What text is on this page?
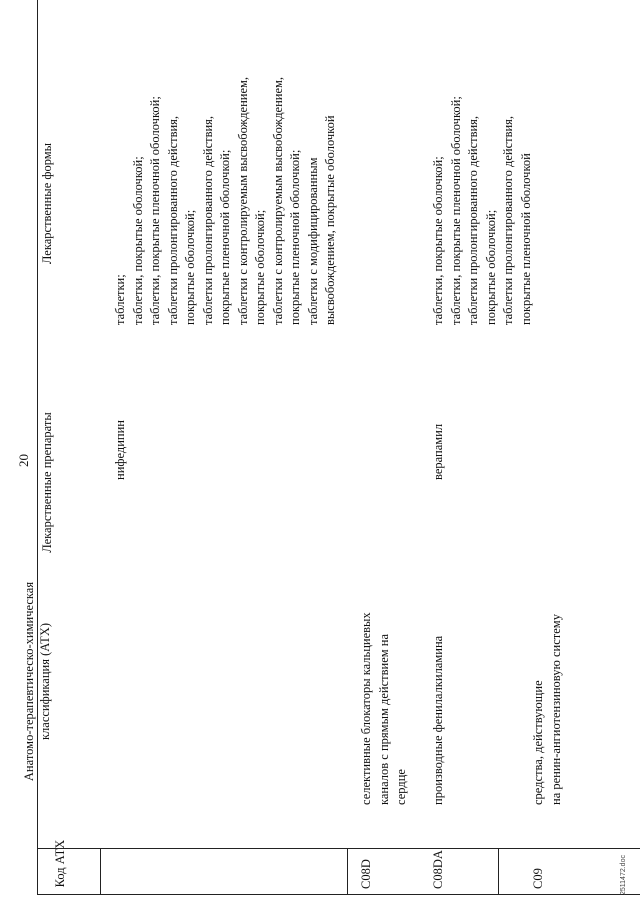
20
Код АТХ
Анатомо-терапевтическо-химическая классификация (АТХ)
Лекарственные препараты
Лекарственные формы
нифедипин
таблетки; таблетки, покрытые оболочкой; таблетки, покрытые пленочной оболочкой; таблетки пролонгированного действия, покрытые оболочкой; таблетки пролонгированного действия, покрытые пленочной оболочкой; таблетки с контролируемым высвобождением, покрытые оболочкой; таблетки с контролируемым высвобождением, покрытые пленочной оболочкой; таблетки с модифицированным высвобождением, покрытые оболочкой
C08D
селективные блокаторы кальциевых каналов с прямым действием на сердце
C08DA
производные фенилалкиламина
верапамил
таблетки, покрытые оболочкой; таблетки, покрытые пленочной оболочкой; таблетки пролонгированного действия, покрытые оболочкой; таблетки пролонгированного действия, покрытые пленочной оболочкой
C09
средства, действующие на ренин-ангиотензиновую систему
2511472.doc
